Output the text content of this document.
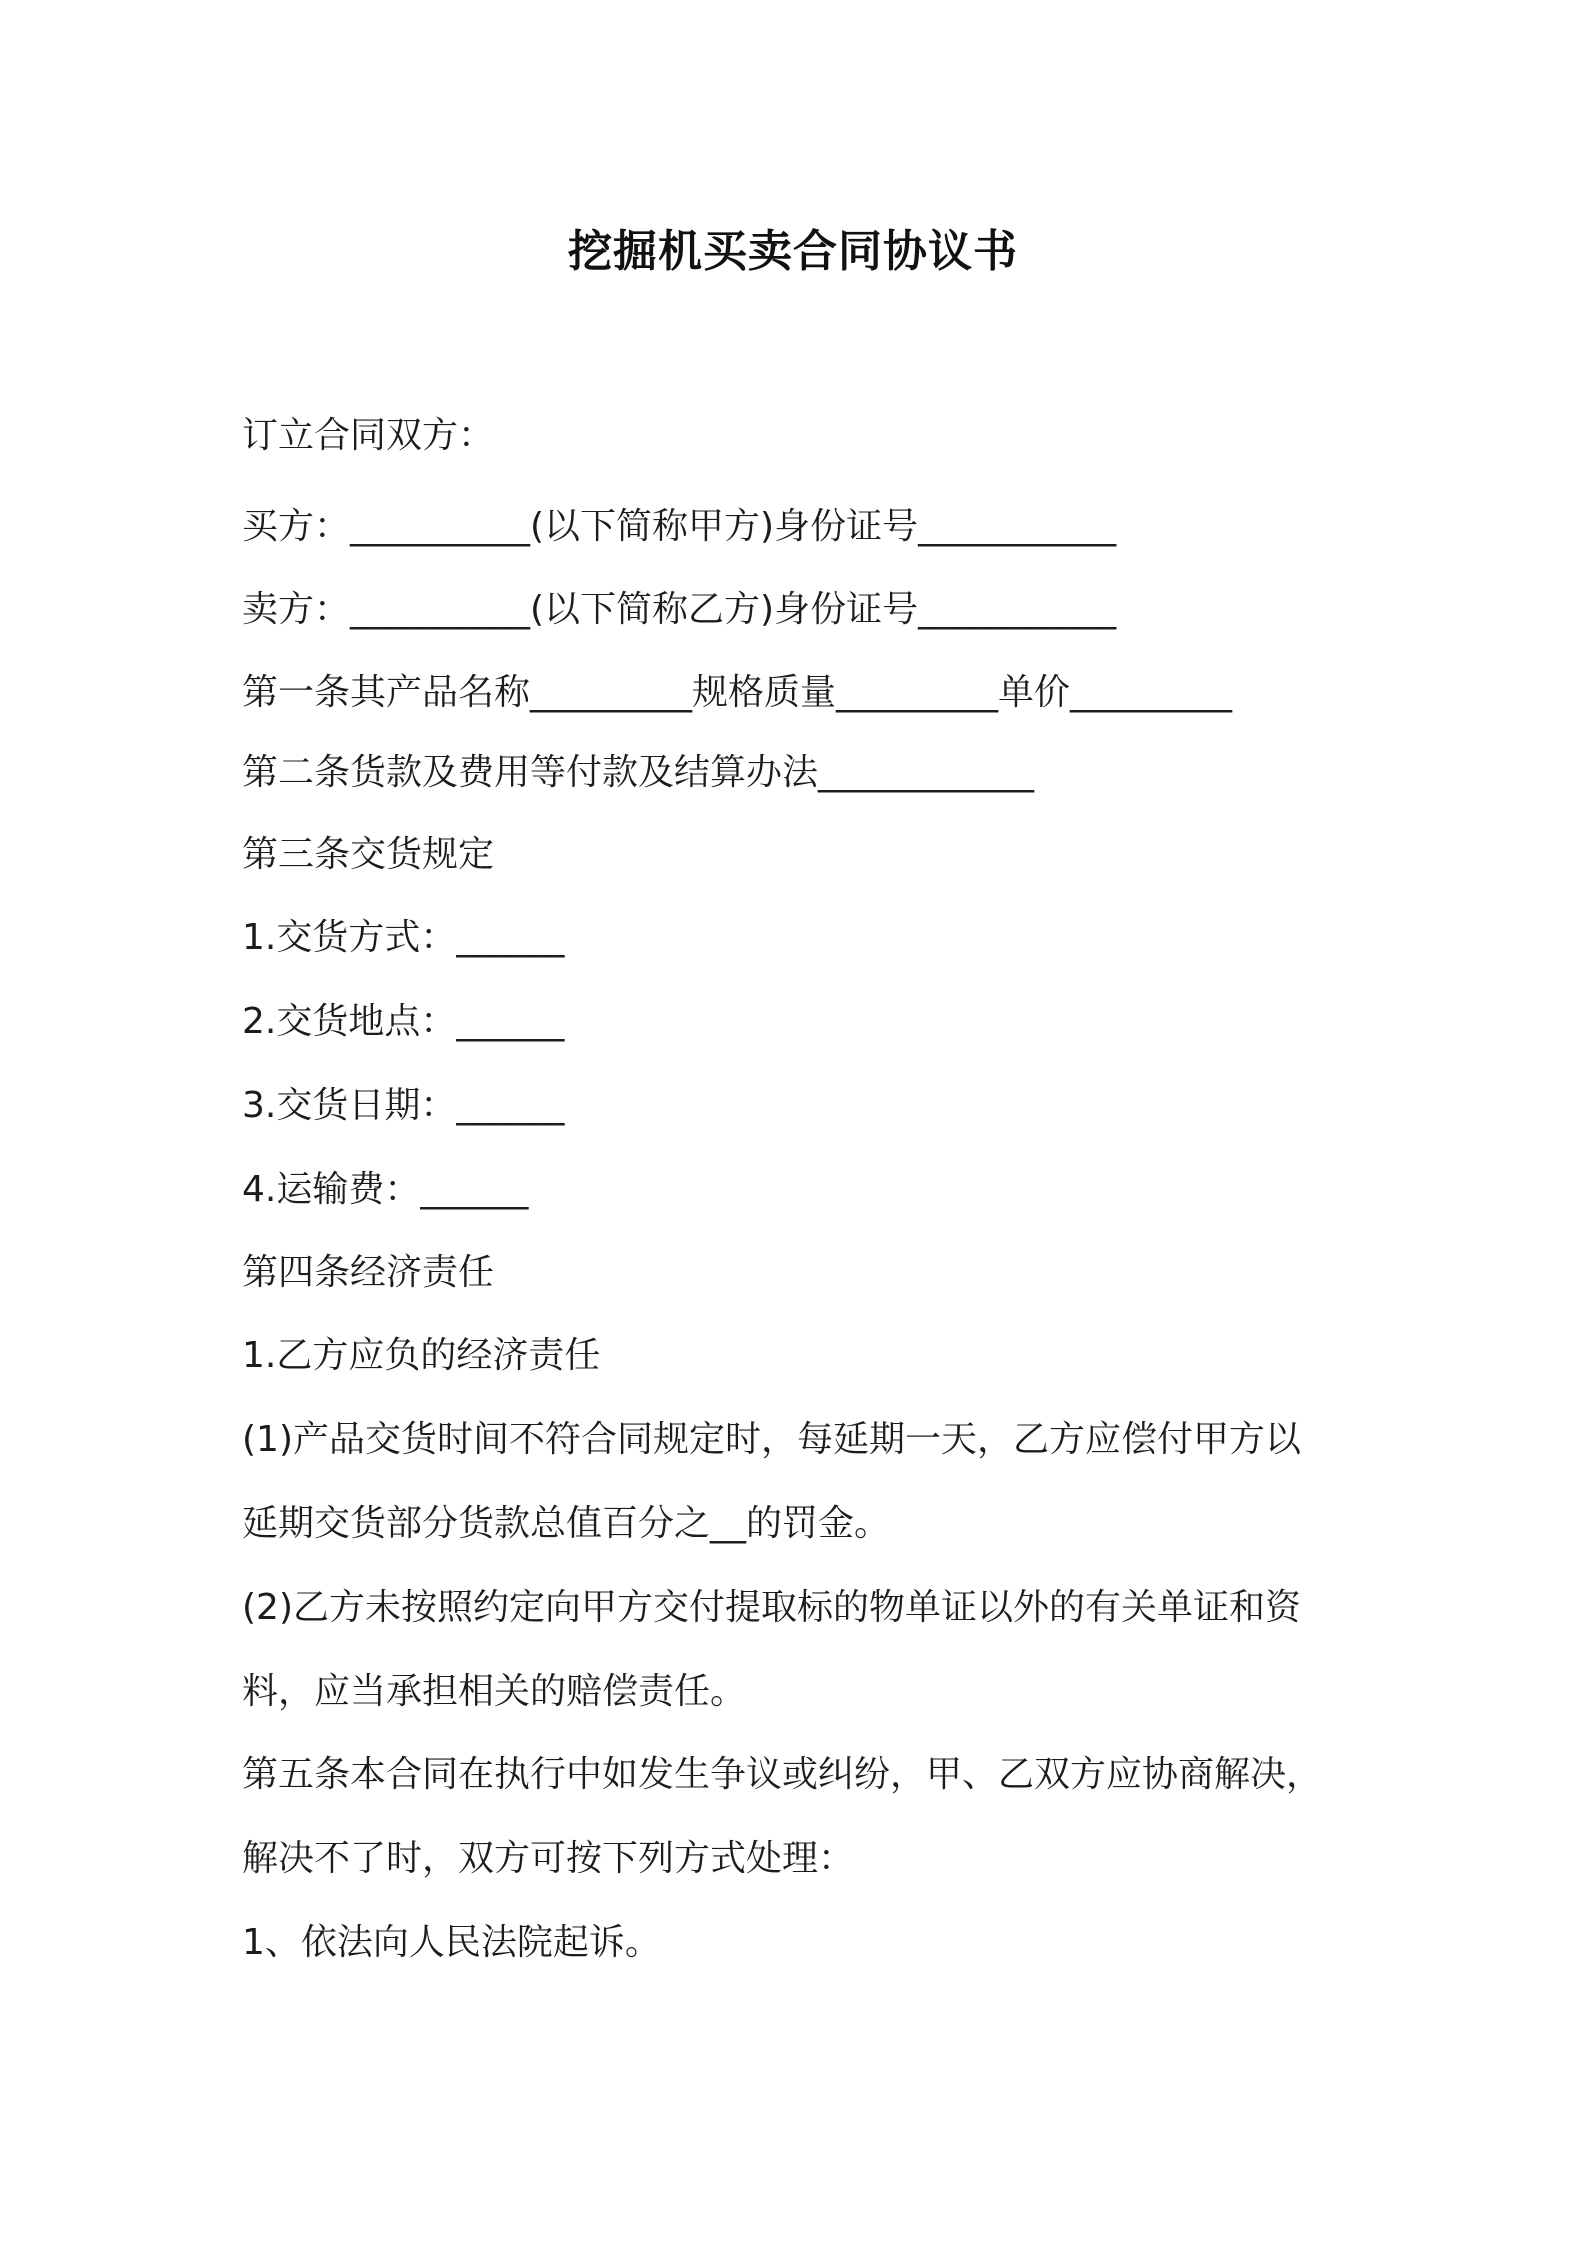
挖掘机买卖合同协议书
订立合同双方：
买方：__________(以下简称甲方)身份证号___________
卖方：__________(以下简称乙方)身份证号___________
第一条其产品名称_________规格质量_________单价_________
第二条货款及费用等付款及结算办法____________
第三条交货规定
1.交货方式：______
2.交货地点：______
3.交货日期：______
4.运输费：______
第四条经济责任
1.乙方应负的经济责任
(1)产品交货时间不符合同规定时，每延期一天，乙方应偿付甲方以
延期交货部分货款总值百分之__的罚金。
(2)乙方未按照约定向甲方交付提取标的物单证以外的有关单证和资
料，应当承担相关的赔偿责任。
第五条本合同在执行中如发生争议或纠纷，甲、乙双方应协商解决，
解决不了时，双方可按下列方式处理：
1、依法向人民法院起诉。
